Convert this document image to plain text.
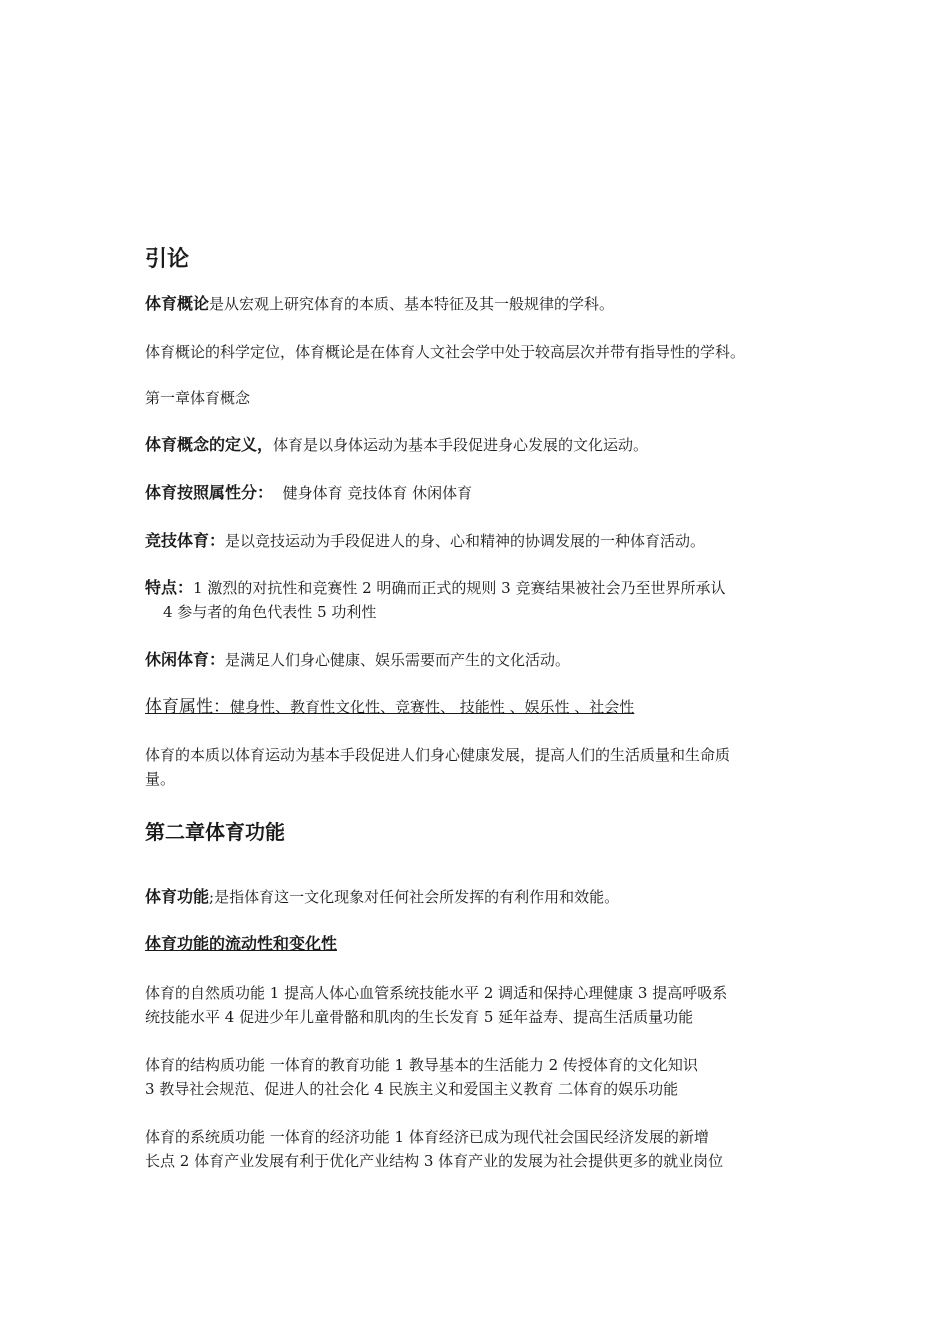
引论
体育概论是从宏观上研究体育的本质、基本特征及其一般规律的学科。
体育概论的科学定位，体育概论是在体育人文社会学中处于较高层次并带有指导性的学科。
第一章体育概念
体育概念的定义，体育是以身体运动为基本手段促进身心发展的文化运动。
体育按照属性分： 健身体育 竞技体育 休闲体育
竞技体育：是以竞技运动为手段促进人的身、心和精神的协调发展的一种体育活动。
特点：1 激烈的对抗性和竞赛性 2 明确而正式的规则 3 竞赛结果被社会乃至世界所承认
4 参与者的角色代表性 5 功利性
休闲体育：是满足人们身心健康、娱乐需要而产生的文化活动。
体育属性：健身性、教育性文化性、竞赛性、 技能性 、娱乐性 、社会性
体育的本质以体育运动为基本手段促进人们身心健康发展，提高人们的生活质量和生命质
量。
第二章体育功能
体育功能;是指体育这一文化现象对任何社会所发挥的有利作用和效能。
体育功能的流动性和变化性
体育的自然质功能 1 提高人体心血管系统技能水平 2 调适和保持心理健康 3 提高呼吸系
统技能水平 4 促进少年儿童骨骼和肌肉的生长发育 5 延年益寿、提高生活质量功能
体育的结构质功能 一体育的教育功能 1 教导基本的生活能力 2 传授体育的文化知识
3 教导社会规范、促进人的社会化 4 民族主义和爱国主义教育 二体育的娱乐功能
体育的系统质功能 一体育的经济功能 1 体育经济已成为现代社会国民经济发展的新增
长点 2 体育产业发展有利于优化产业结构 3 体育产业的发展为社会提供更多的就业岗位
